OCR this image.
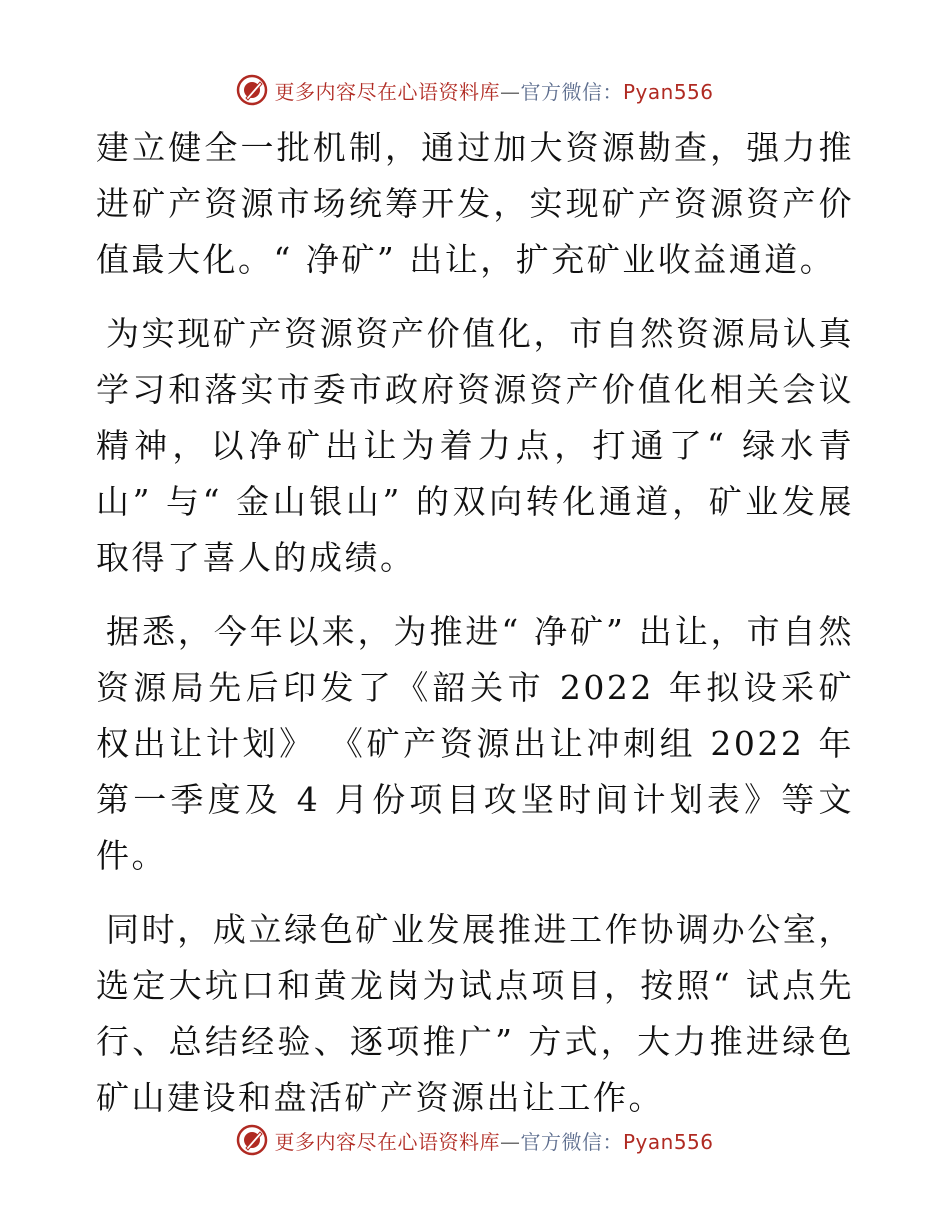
更多内容尽在心语资料库—官方微信：Pyan556

建立健全一批机制，通过加大资源勘查，强力推进矿产资源市场统筹开发，实现矿产资源资产价值最大化。“ 净矿” 出让，扩充矿业收益通道。

为实现矿产资源资产价值化，市自然资源局认真学习和落实市委市政府资源资产价值化相关会议精神，以净矿出让为着力点，打通了“ 绿水青山” 与“ 金山银山” 的双向转化通道，矿业发展取得了喜人的成绩。

据悉，今年以来，为推进“ 净矿” 出让，市自然资源局先后印发了《韶关市 2022 年拟设采矿权出让计划》 《矿产资源出让冲刺组 2022 年第一季度及 4 月份项目攻坚时间计划表》等文件。

同时，成立绿色矿业发展推进工作协调办公室，选定大坑口和黄龙岗为试点项目，按照“ 试点先行、总结经验、逐项推广” 方式，大力推进绿色矿山建设和盘活矿产资源出让工作。

更多内容尽在心语资料库—官方微信：Pyan556
